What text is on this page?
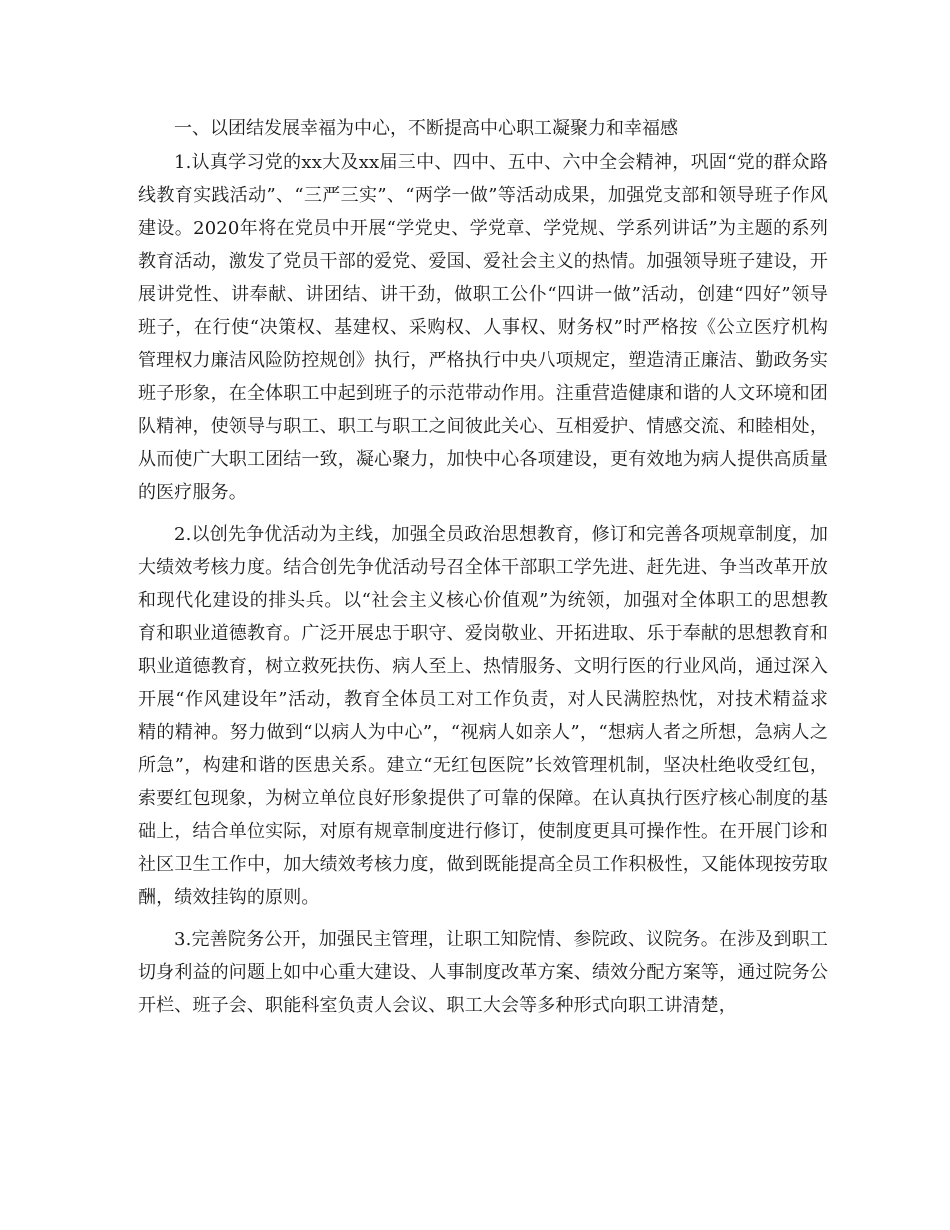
一、以团结发展幸福为中心，不断提高中心职工凝聚力和幸福感

1.认真学习党的xx大及xx届三中、四中、五中、六中全会精神，巩固“党的群众路线教育实践活动”、“三严三实”、“两学一做”等活动成果，加强党支部和领导班子作风建设。2020年将在党员中开展“学党史、学党章、学党规、学系列讲话”为主题的系列教育活动，激发了党员干部的爱党、爱国、爱社会主义的热情。加强领导班子建设，开展讲党性、讲奉献、讲团结、讲干劲，做职工公仆“四讲一做”活动，创建“四好”领导班子，在行使“决策权、基建权、采购权、人事权、财务权”时严格按《公立医疗机构管理权力廉洁风险防控规创》执行，严格执行中央八项规定，塑造清正廉洁、勤政务实班子形象，在全体职工中起到班子的示范带动作用。注重营造健康和谐的人文环境和团队精神，使领导与职工、职工与职工之间彼此关心、互相爱护、情感交流、和睦相处，从而使广大职工团结一致，凝心聚力，加快中心各项建设，更有效地为病人提供高质量的医疗服务。

2.以创先争优活动为主线，加强全员政治思想教育，修订和完善各项规章制度，加大绩效考核力度。结合创先争优活动号召全体干部职工学先进、赶先进、争当改革开放和现代化建设的排头兵。以“社会主义核心价值观”为统领，加强对全体职工的思想教育和职业道德教育。广泛开展忠于职守、爱岗敬业、开拓进取、乐于奉献的思想教育和职业道德教育，树立救死扶伤、病人至上、热情服务、文明行医的行业风尚，通过深入开展“作风建设年”活动，教育全体员工对工作负责，对人民满腔热忱，对技术精益求精的精神。努力做到“以病人为中心”，“视病人如亲人”，“想病人者之所想，急病人之所急”，构建和谐的医患关系。建立“无红包医院”长效管理机制，坚决杜绝收受红包，索要红包现象，为树立单位良好形象提供了可靠的保障。在认真执行医疗核心制度的基础上，结合单位实际，对原有规章制度进行修订，使制度更具可操作性。在开展门诊和社区卫生工作中，加大绩效考核力度，做到既能提高全员工作积极性，又能体现按劳取酬，绩效挂钩的原则。

3.完善院务公开，加强民主管理，让职工知院情、参院政、议院务。在涉及到职工切身利益的问题上如中心重大建设、人事制度改革方案、绩效分配方案等，通过院务公开栏、班子会、职能科室负责人会议、职工大会等多种形式向职工讲清楚，
